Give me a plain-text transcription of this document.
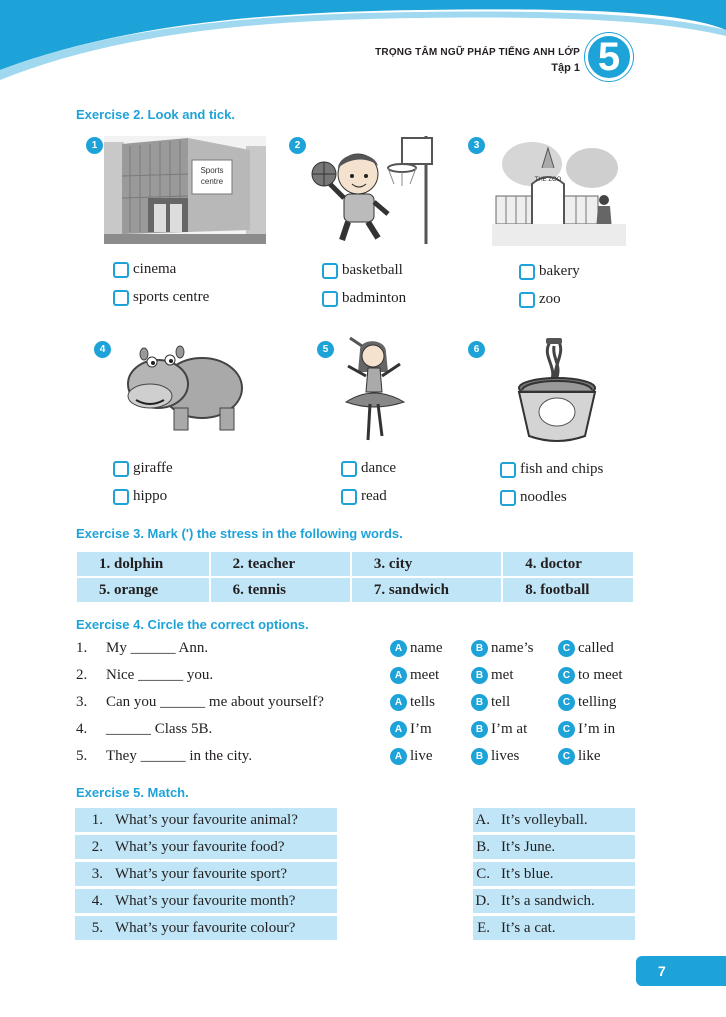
TRỌNG TÂM NGỮ PHÁP TIẾNG ANH LỚP
Tập 1 5
Exercise 2. Look and tick.
1
Sports
centre
cinema
sports centre
2
basketball
badminton
3
THE ZOO
bakery
zoo
4
giraffe
hippo
5
dance
read
6
fish and chips
noodles
Exercise 3. Mark (') the stress in the following words.
1. dolphin	2. teacher	3. city	4. doctor
5. orange	6. tennis	7. sandwich	8. football
Exercise 4. Circle the correct options.
1. My ______ Ann.	A name	B name’s	C called
2. Nice ______ you.	A meet	B met	C to meet
3. Can you ______ me about yourself?	A tells	B tell	C telling
4. ______ Class 5B.	A I’m	B I’m at	C I’m in
5. They ______ in the city.	A live	B lives	C like
Exercise 5. Match.
1. What’s your favourite animal?
2. What’s your favourite food?
3. What’s your favourite sport?
4. What’s your favourite month?
5. What’s your favourite colour?
A. It’s volleyball.
B. It’s June.
C. It’s blue.
D. It’s a sandwich.
E. It’s a cat.
7
